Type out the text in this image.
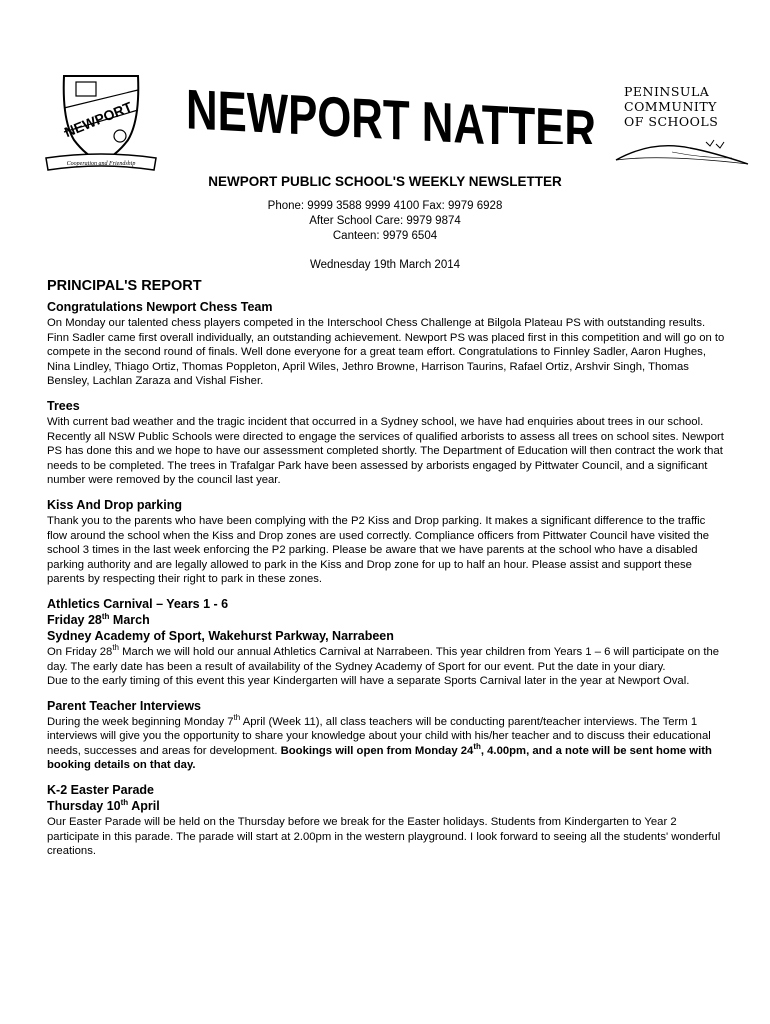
NEWPORT
Cooperation and Friendship
NEWPORT NATTER
PENINSULA
COMMUNITY
OF SCHOOLS
NEWPORT PUBLIC SCHOOL'S WEEKLY NEWSLETTER
Phone: 9999 3588 9999 4100 Fax: 9979 6928
After School Care: 9979 9874
Canteen: 9979 6504
Wednesday 19th March 2014
PRINCIPAL'S REPORT
Congratulations Newport Chess Team

On Monday our talented chess players competed in the Interschool Chess Challenge at Bilgola Plateau PS with outstanding results. Finn Sadler came first overall individually, an outstanding achievement. Newport PS was placed first in this competition and will go on to compete in the second round of finals. Well done everyone for a great team effort. Congratulations to Finnley Sadler, Aaron Hughes, Nina Lindley, Thiago Ortiz, Thomas Poppleton, April Wiles, Jethro Browne, Harrison Taurins, Rafael Ortiz, Arshvir Singh, Thomas Bensley, Lachlan Zaraza and Vishal Fisher.

Trees

With current bad weather and the tragic incident that occurred in a Sydney school, we have had enquiries about trees in our school. Recently all NSW Public Schools were directed to engage the services of qualified arborists to assess all trees on school sites. Newport PS has done this and we hope to have our assessment completed shortly. The Department of Education will then contract the work that needs to be completed. The trees in Trafalgar Park have been assessed by arborists engaged by Pittwater Council, and a significant number were removed by the council last year.

Kiss And Drop parking

Thank you to the parents who have been complying with the P2 Kiss and Drop parking. It makes a significant difference to the traffic flow around the school when the Kiss and Drop zones are used correctly. Compliance officers from Pittwater Council have visited the school 3 times in the last week enforcing the P2 parking. Please be aware that we have parents at the school who have a disabled parking authority and are legally allowed to park in the Kiss and Drop zone for up to half an hour. Please assist and support these parents by respecting their right to park in these zones.

Athletics Carnival – Years 1 - 6
Friday 28th March
Sydney Academy of Sport, Wakehurst Parkway, Narrabeen

On Friday 28th March we will hold our annual Athletics Carnival at Narrabeen. This year children from Years 1 – 6 will participate on the day. The early date has been a result of availability of the Sydney Academy of Sport for our event. Put the date in your diary.

Due to the early timing of this event this year Kindergarten will have a separate Sports Carnival later in the year at Newport Oval.

Parent Teacher Interviews

During the week beginning Monday 7th April (Week 11), all class teachers will be conducting parent/teacher interviews. The Term 1 interviews will give you the opportunity to share your knowledge about your child with his/her teacher and to discuss their educational needs, successes and areas for development. Bookings will open from Monday 24th, 4.00pm, and a note will be sent home with booking details on that day.

K-2 Easter Parade
Thursday 10th April

Our Easter Parade will be held on the Thursday before we break for the Easter holidays. Students from Kindergarten to Year 2 participate in this parade. The parade will start at 2.00pm in the western playground. I look forward to seeing all the students' wonderful creations.
